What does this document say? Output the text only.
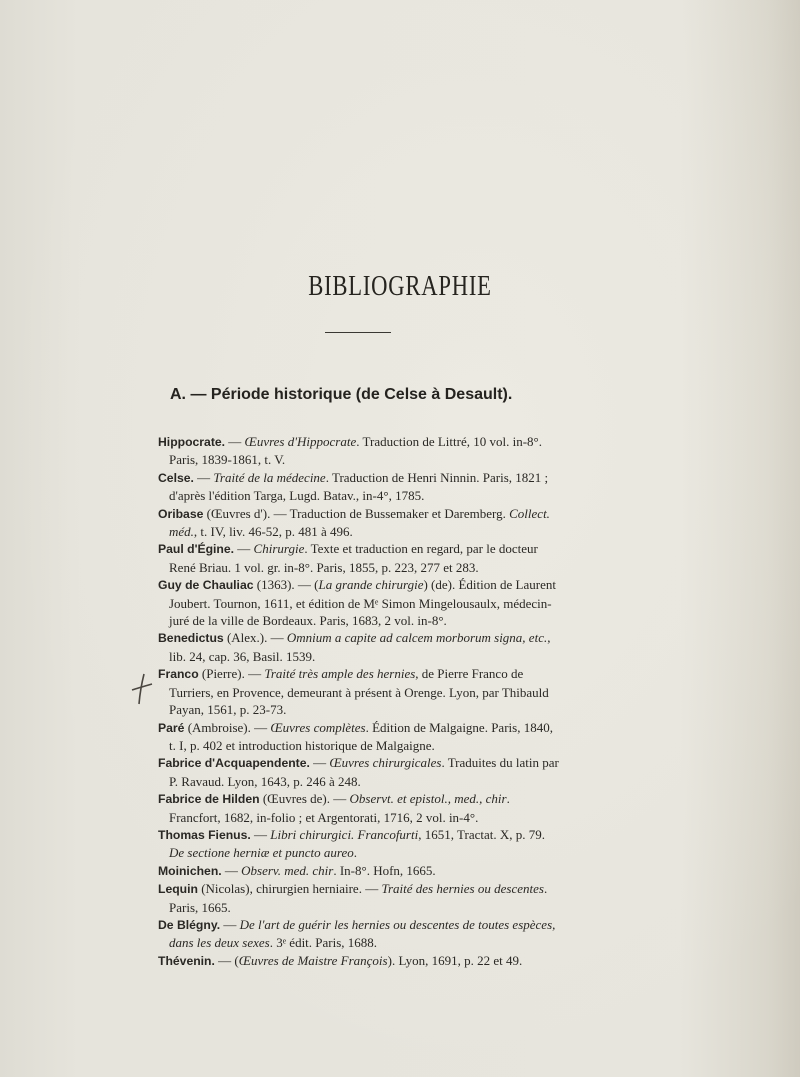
BIBLIOGRAPHIE
A. — Période historique (de Celse à Desault).

Hippocrate. — Œuvres d'Hippocrate. Traduction de Littré, 10 vol. in-8°. Paris, 1839-1861, t. V.

Celse. — Traité de la médecine. Traduction de Henri Ninnin. Paris, 1821 ; d'après l'édition Targa, Lugd. Batav., in-4°, 1785.

Oribase (Œuvres d'). — Traduction de Bussemaker et Daremberg. Collect. méd., t. IV, liv. 46-52, p. 481 à 496.

Paul d'Égine. — Chirurgie. Texte et traduction en regard, par le docteur René Briau. 1 vol. gr. in-8°. Paris, 1855, p. 223, 277 et 283.

Guy de Chauliac (1363). — (La grande chirurgie) (de). Édition de Laurent Joubert. Tournon, 1611, et édition de Mᵉ Simon Mingelousaulx, médecin-juré de la ville de Bordeaux. Paris, 1683, 2 vol. in-8°.

Benedictus (Alex.). — Omnium a capite ad calcem morborum signa, etc., lib. 24, cap. 36, Basil. 1539.

Franco (Pierre). — Traité très ample des hernies, de Pierre Franco de Turriers, en Provence, demeurant à présent à Orenge. Lyon, par Thibauld Payan, 1561, p. 23-73.

Paré (Ambroise). — Œuvres complètes. Édition de Malgaigne. Paris, 1840, t. I, p. 402 et introduction historique de Malgaigne.

Fabrice d'Acquapendente. — Œuvres chirurgicales. Traduites du latin par P. Ravaud. Lyon, 1643, p. 246 à 248.

Fabrice de Hilden (Œuvres de). — Observt. et epistol., med., chir. Francfort, 1682, in-folio ; et Argentorati, 1716, 2 vol. in-4°.

Thomas Fienus. — Libri chirurgici. Francofurti, 1651, Tractat. X, p. 79. De sectione herniæ et puncto aureo.

Moinichen. — Observ. med. chir. In-8°. Hofn, 1665.

Lequin (Nicolas), chirurgien herniaire. — Traité des hernies ou descentes. Paris, 1665.

De Blégny. — De l'art de guérir les hernies ou descentes de toutes espèces, dans les deux sexes. 3ᵉ édit. Paris, 1688.

Thévenin. — (Œuvres de Maistre François). Lyon, 1691, p. 22 et 49.
